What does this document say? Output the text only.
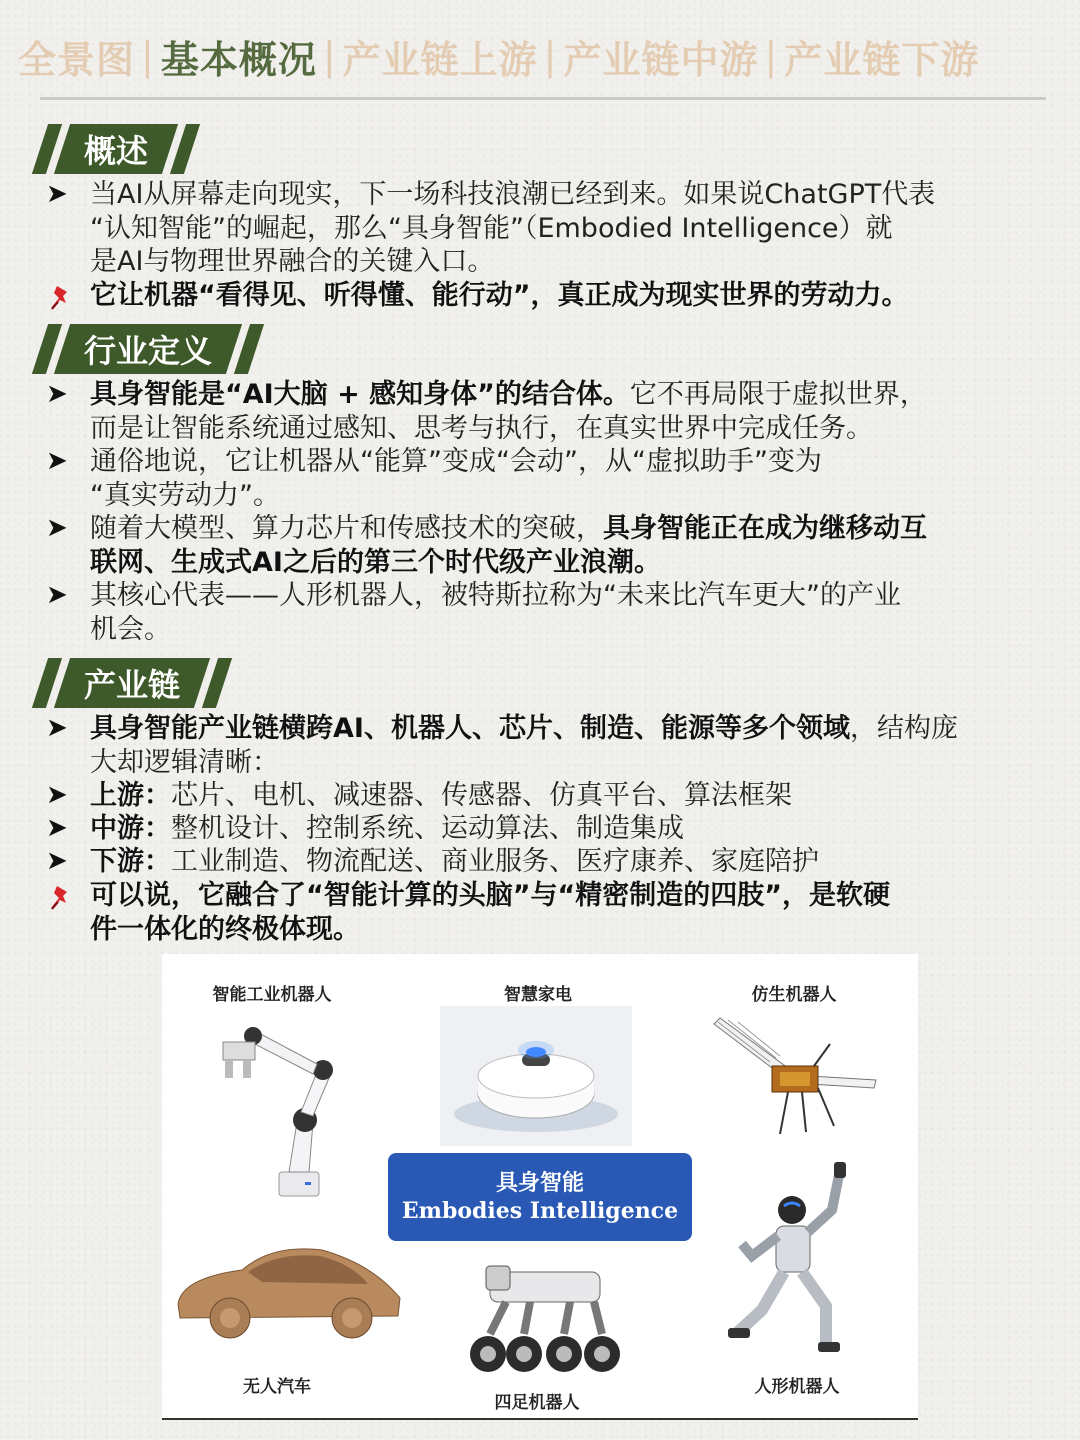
全景图 | 基本概况 | 产业链上游 | 产业链中游 | 产业链下游
概述
➤ 当AI从屏幕走向现实，下一场科技浪潮已经到来。如果说ChatGPT代表
“认知智能”的崛起，那么“具身智能”（Embodied Intelligence）就
是AI与物理世界融合的关键入口。
它让机器“看得见、听得懂、能行动”，真正成为现实世界的劳动力。
行业定义
➤ 具身智能是“AI大脑 + 感知身体”的结合体。它不再局限于虚拟世界，
而是让智能系统通过感知、思考与执行，在真实世界中完成任务。
➤ 通俗地说，它让机器从“能算”变成“会动”，从“虚拟助手”变为
“真实劳动力”。
➤ 随着大模型、算力芯片和传感技术的突破，具身智能正在成为继移动互
联网、生成式AI之后的第三个时代级产业浪潮。
➤ 其核心代表——人形机器人，被特斯拉称为“未来比汽车更大”的产业
机会。
产业链
➤ 具身智能产业链横跨AI、机器人、芯片、制造、能源等多个领域，结构庞
大却逻辑清晰：
➤ 上游：芯片、电机、减速器、传感器、仿真平台、算法框架
➤ 中游：整机设计、控制系统、运动算法、制造集成
➤ 下游：工业制造、物流配送、商业服务、医疗康养、家庭陪护
可以说，它融合了“智能计算的头脑”与“精密制造的四肢”，是软硬
件一体化的终极体现。
智能工业机器人	智慧家电	仿生机器人
无人汽车
四足机器人
人形机器人
具身智能
Embodies Intelligence
